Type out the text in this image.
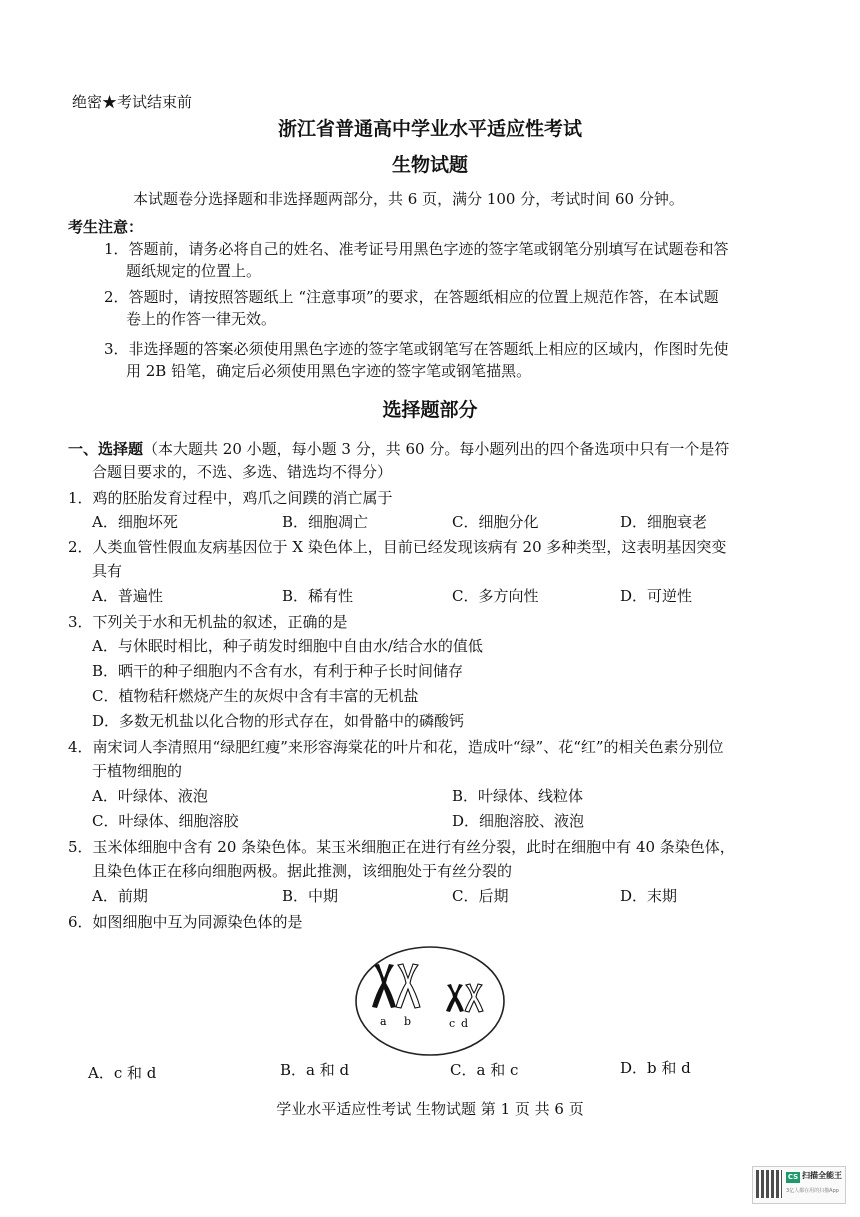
绝密★考试结束前
浙江省普通高中学业水平适应性考试
生物试题
本试题卷分选择题和非选择题两部分，共 6 页，满分 100 分，考试时间 60 分钟。
考生注意：
1．答题前，请务必将自己的姓名、准考证号用黑色字迹的签字笔或钢笔分别填写在试题卷和答
题纸规定的位置上。
2．答题时，请按照答题纸上 “注意事项”的要求，在答题纸相应的位置上规范作答，在本试题
卷上的作答一律无效。
3．非选择题的答案必须使用黑色字迹的签字笔或钢笔写在答题纸上相应的区域内，作图时先使
用 2B 铅笔，确定后必须使用黑色字迹的签字笔或钢笔描黑。
选择题部分
一、选择题（本大题共 20 小题，每小题 3 分，共 60 分。每小题列出的四个备选项中只有一个是符
合题目要求的，不选、多选、错选均不得分）
1．鸡的胚胎发育过程中，鸡爪之间蹼的消亡属于
A．细胞坏死	B．细胞凋亡	C．细胞分化	D．细胞衰老
2．人类血管性假血友病基因位于 X 染色体上，目前已经发现该病有 20 多种类型，这表明基因突变
具有
A．普遍性	B．稀有性	C．多方向性	D．可逆性
3．下列关于水和无机盐的叙述，正确的是
A．与休眠时相比，种子萌发时细胞中自由水/结合水的值低
B．晒干的种子细胞内不含有水，有利于种子长时间储存
C．植物秸秆燃烧产生的灰烬中含有丰富的无机盐
D．多数无机盐以化合物的形式存在，如骨骼中的磷酸钙
4．南宋词人李清照用“绿肥红瘦”来形容海棠花的叶片和花，造成叶“绿”、花“红”的相关色素分别位
于植物细胞的
A．叶绿体、液泡	B．叶绿体、线粒体
C．叶绿体、细胞溶胶	D．细胞溶胶、液泡
5．玉米体细胞中含有 20 条染色体。某玉米细胞正在进行有丝分裂，此时在细胞中有 40 条染色体，
且染色体正在移向细胞两极。据此推测，该细胞处于有丝分裂的
A．前期	B．中期	C．后期	D．末期
6．如图细胞中互为同源染色体的是
a b	c d
A．c 和 d	B．a 和 d	C．a 和 c	D．b 和 d
学业水平适应性考试 生物试题 第 1 页 共 6 页
CS 扫描全能王
3亿人都在用的扫描App
